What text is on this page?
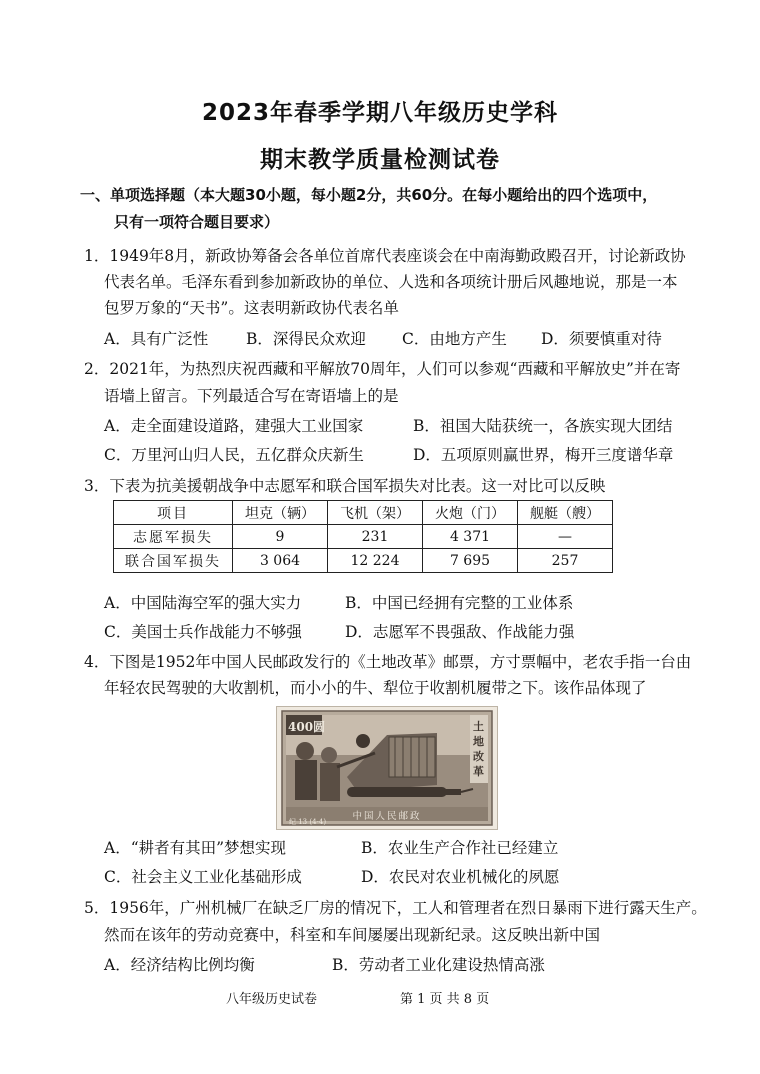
2023年春季学期八年级历史学科
期末教学质量检测试卷
一、单项选择题（本大题30小题，每小题2分，共60分。在每小题给出的四个选项中，
只有一项符合题目要求）
1．1949年8月，新政协筹备会各单位首席代表座谈会在中南海勤政殿召开，讨论新政协
代表名单。毛泽东看到参加新政协的单位、人选和各项统计册后风趣地说，那是一本
包罗万象的“天书”。这表明新政协代表名单
A．具有广泛性 B．深得民众欢迎 C．由地方产生 D．须要慎重对待
2．2021年，为热烈庆祝西藏和平解放70周年，人们可以参观“西藏和平解放史”并在寄
语墙上留言。下列最适合写在寄语墙上的是
A．走全面建设道路，建强大工业国家	B．祖国大陆获统一，各族实现大团结
C．万里河山归人民，五亿群众庆新生	D．五项原则赢世界，梅开三度谱华章
3．下表为抗美援朝战争中志愿军和联合国军损失对比表。这一对比可以反映
项目	坦克（辆）	飞机（架）	火炮（门）	舰艇（艘）
志愿军损失	9	231	4 371	—
联合国军损失	3 064	12 224	7 695	257
A．中国陆海空军的强大实力	B．中国已经拥有完整的工业体系
C．美国士兵作战能力不够强	D．志愿军不畏强敌、作战能力强
4．下图是1952年中国人民邮政发行的《土地改革》邮票，方寸票幅中，老农手指一台由
年轻农民驾驶的大收割机，而小小的牛、犁位于收割机履带之下。该作品体现了
400圆	土地改革
中国人民邮政
纪 13 (4-4)
A．“耕者有其田”梦想实现	B．农业生产合作社已经建立
C．社会主义工业化基础形成	D．农民对农业机械化的夙愿
5．1956年，广州机械厂在缺乏厂房的情况下，工人和管理者在烈日暴雨下进行露天生产。
然而在该年的劳动竞赛中，科室和车间屡屡出现新纪录。这反映出新中国
A．经济结构比例均衡	B．劳动者工业化建设热情高涨
八年级历史试卷	第 1 页 共 8 页
